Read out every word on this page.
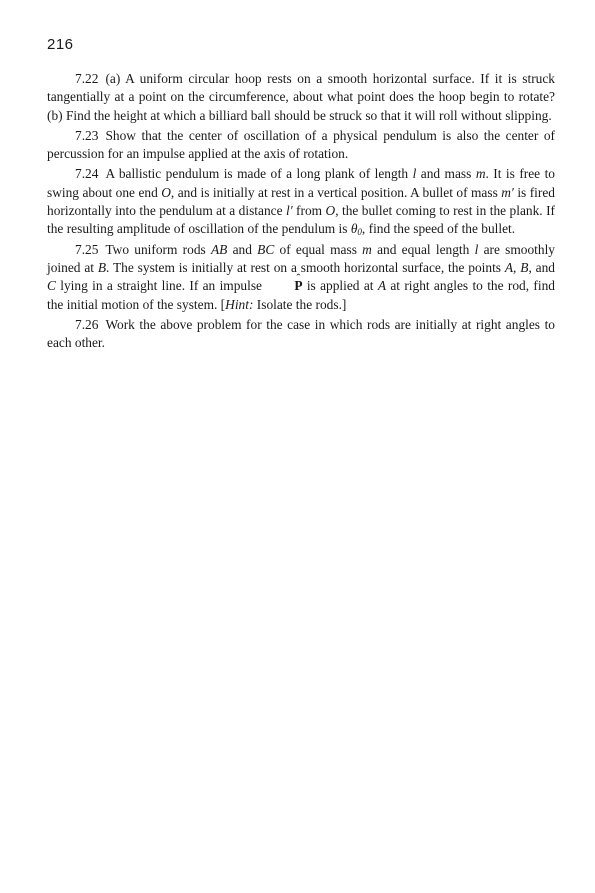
216

7.22 (a) A uniform circular hoop rests on a smooth horizontal surface. If it is struck tangentially at a point on the circumference, about what point does the hoop begin to rotate? (b) Find the height at which a billiard ball should be struck so that it will roll without slipping.

7.23 Show that the center of oscillation of a physical pendulum is also the center of percussion for an impulse applied at the axis of rotation.

7.24 A ballistic pendulum is made of a long plank of length l and mass m. It is free to swing about one end O, and is initially at rest in a vertical position. A bullet of mass m′ is fired horizontally into the pendulum at a distance l′ from O, the bullet coming to rest in the plank. If the resulting amplitude of oscillation of the pendulum is $\theta_0$, find the speed of the bullet.

7.25 Two uniform rods AB and BC of equal mass m and equal length l are smoothly joined at B. The system is initially at rest on a smooth horizontal surface, the points A, B, and C lying in a straight line. If an impulse ˆ P is applied at A at right angles to the rod, find the initial motion of the system. [Hint: Isolate the rods.]

7.26 Work the above problem for the case in which rods are initially at right angles to each other.
